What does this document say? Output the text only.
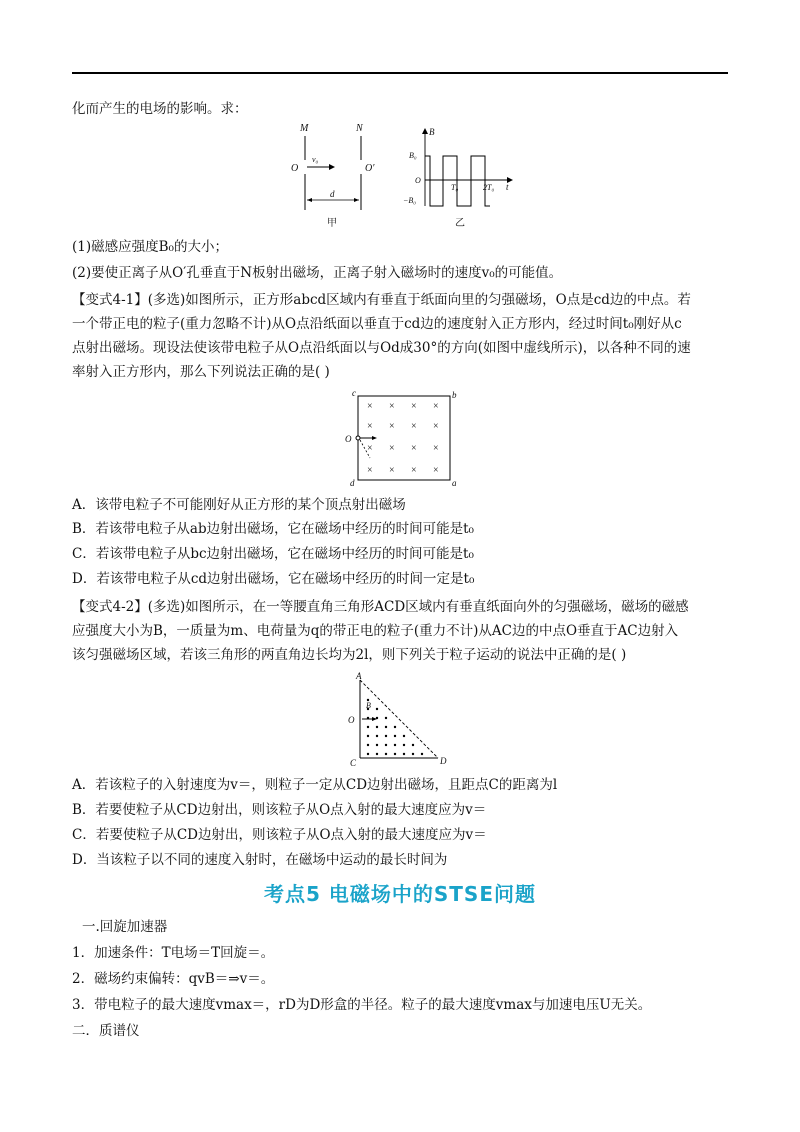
化而产生的电场的影响。求：
M	N
O	O′
v₀
d
甲
B
B₀
O
−B₀
T₀	2T₀ t
乙
(1)磁感应强度B₀的大小；
(2)要使正离子从O′孔垂直于N板射出磁场，正离子射入磁场时的速度v₀的可能值。
【变式4-1】(多选)如图所示，正方形abcd区域内有垂直于纸面向里的匀强磁场，O点是cd边的中点。若
一个带正电的粒子(重力忽略不计)从O点沿纸面以垂直于cd边的速度射入正方形内，经过时间t₀刚好从c
点射出磁场。现设法使该带电粒子从O点沿纸面以与Od成30°的方向(如图中虚线所示)，以各种不同的速
率射入正方形内，那么下列说法正确的是( )
×
×
×
×
×
×
×
×
×
×
×
×
×
×
×
×
c	b
O
d	a
A．该带电粒子不可能刚好从正方形的某个顶点射出磁场
B．若该带电粒子从ab边射出磁场，它在磁场中经历的时间可能是t₀
C．若该带电粒子从bc边射出磁场，它在磁场中经历的时间可能是t₀
D．若该带电粒子从cd边射出磁场，它在磁场中经历的时间一定是t₀
【变式4-2】(多选)如图所示，在一等腰直角三角形ACD区域内有垂直纸面向外的匀强磁场，磁场的磁感
应强度大小为B，一质量为m、电荷量为q的带正电的粒子(重力不计)从AC边的中点O垂直于AC边射入
该匀强磁场区域，若该三角形的两直角边长均为2l，则下列关于粒子运动的说法中正确的是( )
A
O
B
C	D
A．若该粒子的入射速度为v＝，则粒子一定从CD边射出磁场，且距点C的距离为l
B．若要使粒子从CD边射出，则该粒子从O点入射的最大速度应为v＝
C．若要使粒子从CD边射出，则该粒子从O点入射的最大速度应为v＝
D．当该粒子以不同的速度入射时，在磁场中运动的最长时间为
考点5 电磁场中的STSE问题
一.回旋加速器
1．加速条件：T电场＝T回旋＝。
2．磁场约束偏转：qvB＝⇒v＝。
3．带电粒子的最大速度vmax＝，rD为D形盒的半径。粒子的最大速度vmax与加速电压U无关。
二．质谱仪
